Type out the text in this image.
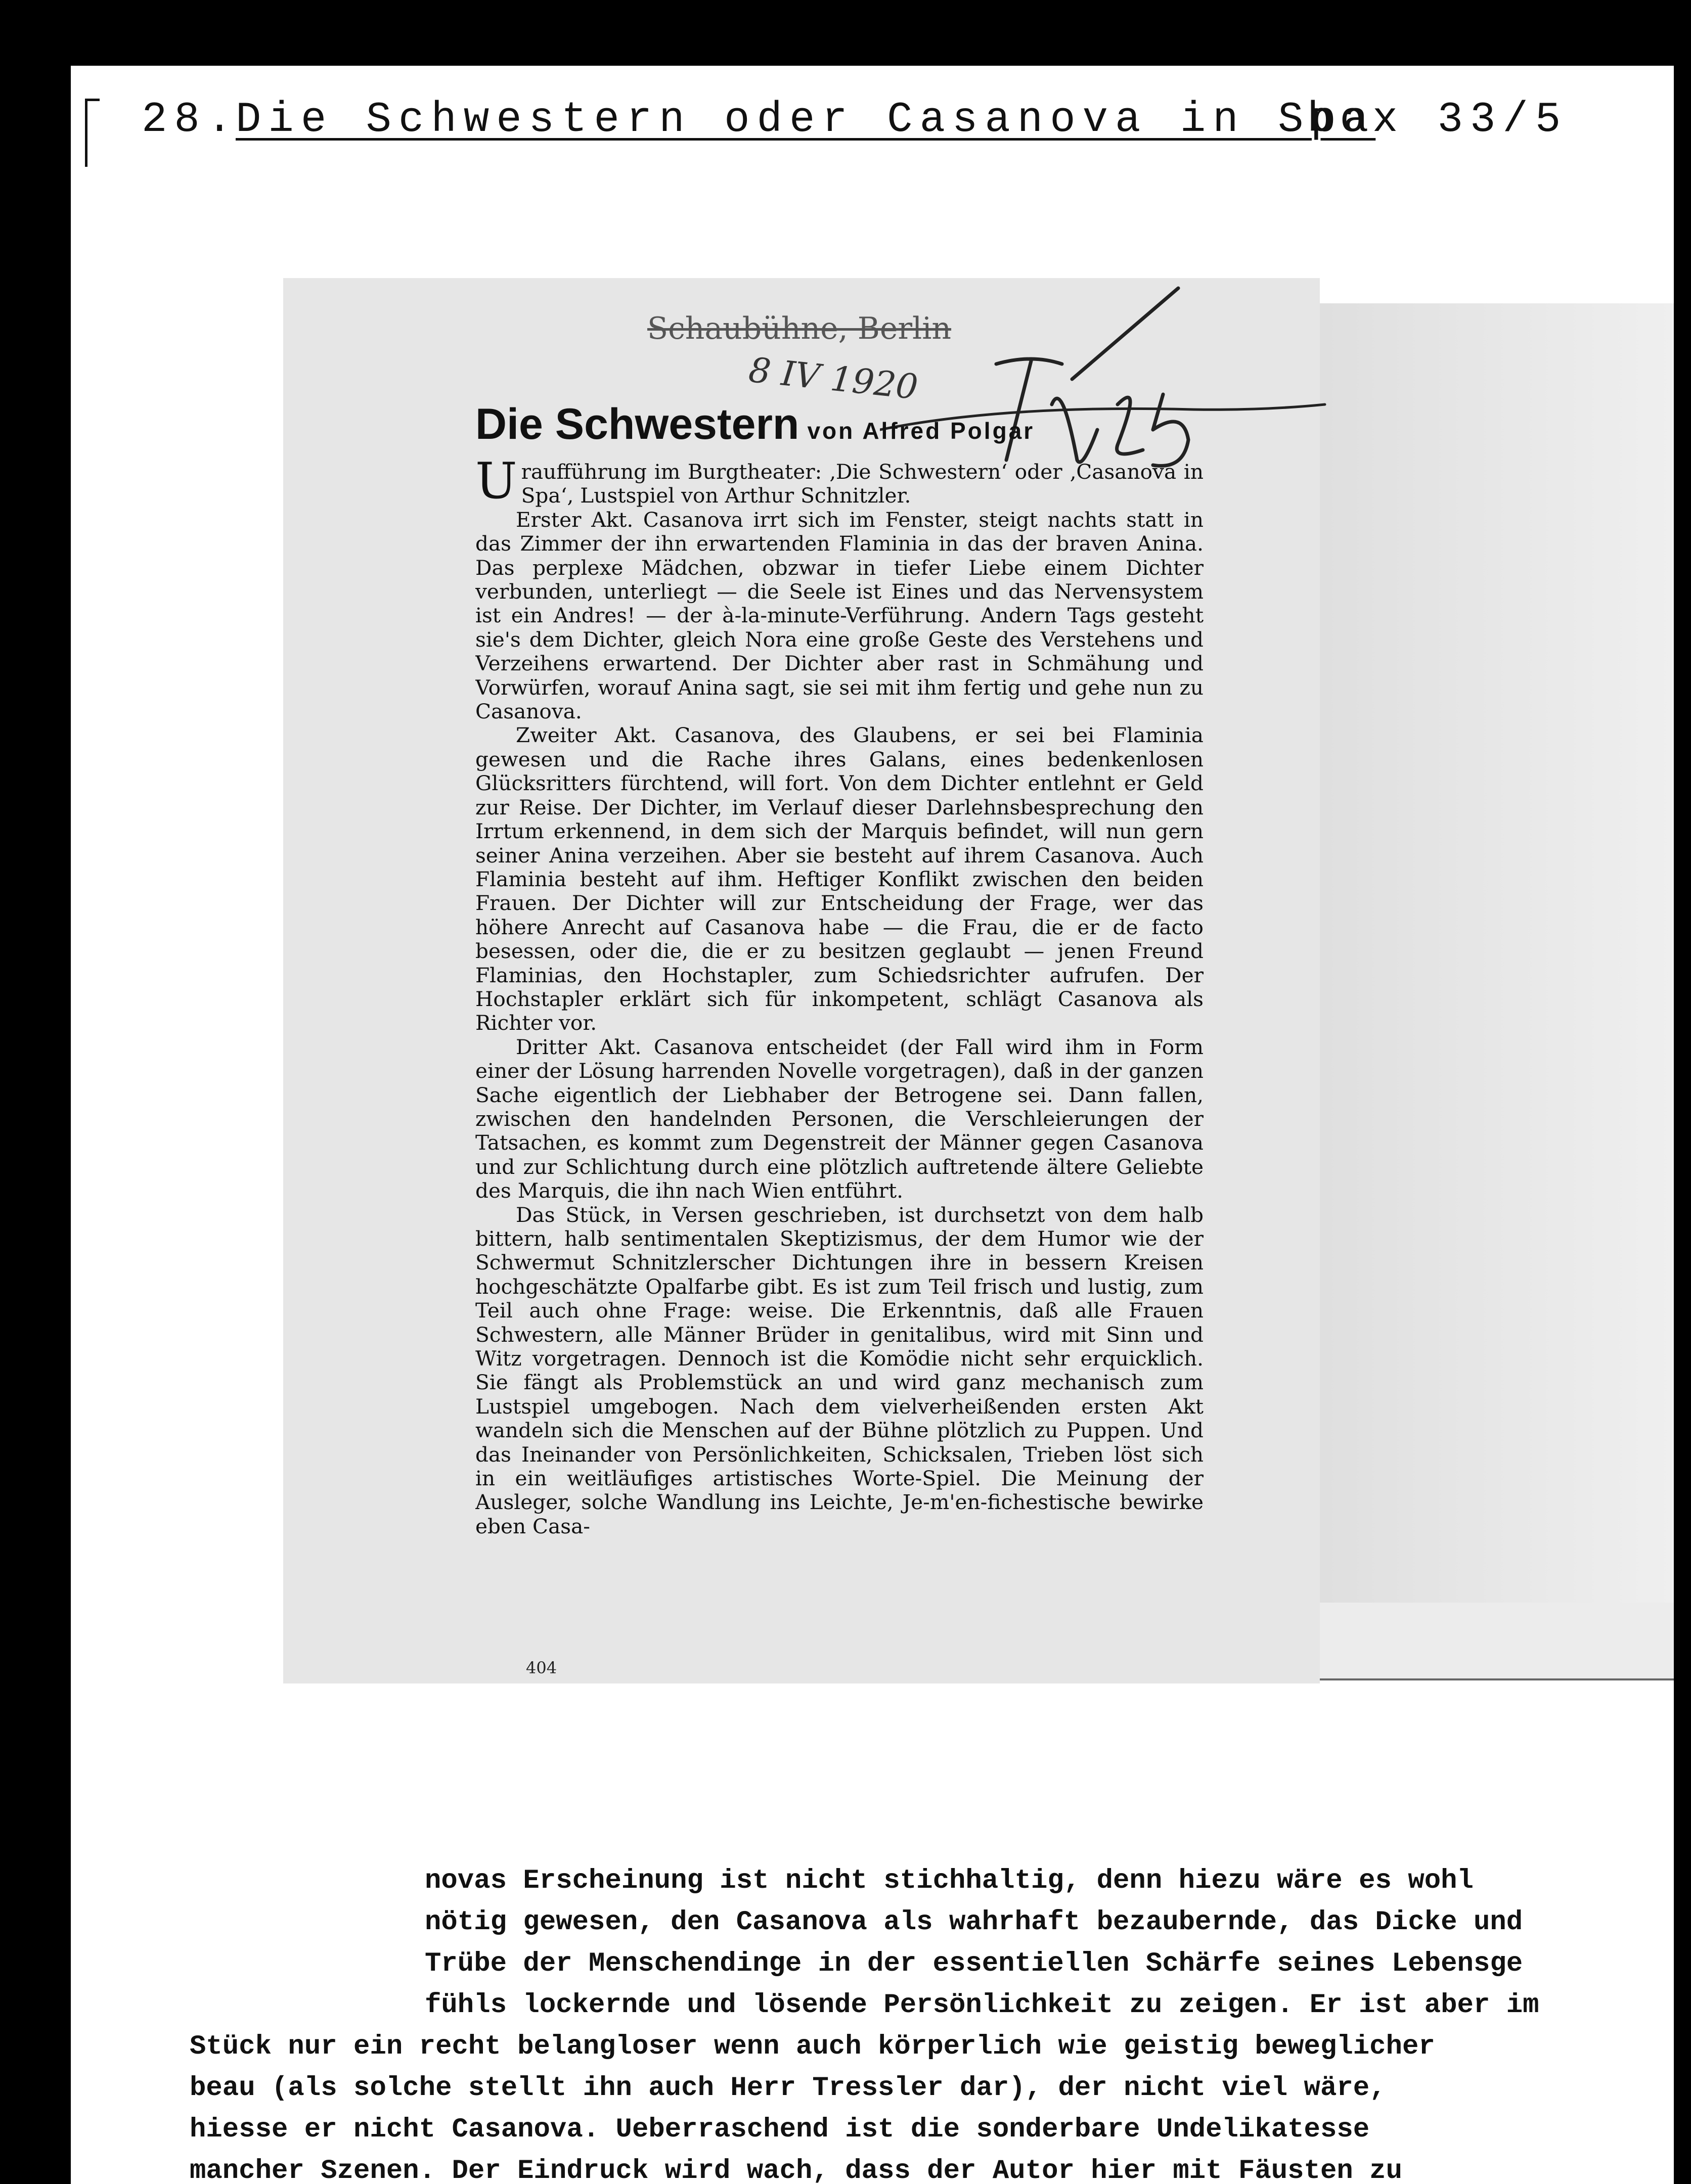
28.
Die Schwestern oder Casanova in Spa
box 33/5
Schaubühne, Berlin
8 IV 1920
Die Schwestern von Alfred Polgar

Uraufführung im Burgtheater: ‚Die Schwestern‘ oder ‚Casanova in Spa‘, Lustspiel von Arthur Schnitzler.

Erster Akt. Casanova irrt sich im Fenster, steigt nachts statt in das Zimmer der ihn erwartenden Flaminia in das der braven Anina. Das perplexe Mädchen, obzwar in tiefer Liebe einem Dichter verbunden, unterliegt — die Seele ist Eines und das Nervensystem ist ein Andres! — der à-la-minute-Verführung. Andern Tags gesteht sie's dem Dichter, gleich Nora eine große Geste des Verstehens und Verzeihens erwartend. Der Dichter aber rast in Schmähung und Vorwürfen, worauf Anina sagt, sie sei mit ihm fertig und gehe nun zu Casanova.

Zweiter Akt. Casanova, des Glaubens, er sei bei Flaminia gewesen und die Rache ihres Galans, eines bedenkenlosen Glücksritters fürchtend, will fort. Von dem Dichter entlehnt er Geld zur Reise. Der Dichter, im Verlauf dieser Darlehnsbesprechung den Irrtum erkennend, in dem sich der Marquis befindet, will nun gern seiner Anina verzeihen. Aber sie besteht auf ihrem Casanova. Auch Flaminia besteht auf ihm. Heftiger Konflikt zwischen den beiden Frauen. Der Dichter will zur Entscheidung der Frage, wer das höhere Anrecht auf Casanova habe — die Frau, die er de facto besessen, oder die, die er zu besitzen geglaubt — jenen Freund Flaminias, den Hochstapler, zum Schiedsrichter aufrufen. Der Hochstapler erklärt sich für inkompetent, schlägt Casanova als Richter vor.

Dritter Akt. Casanova entscheidet (der Fall wird ihm in Form einer der Lösung harrenden Novelle vorgetragen), daß in der ganzen Sache eigentlich der Liebhaber der Betrogene sei. Dann fallen, zwischen den handelnden Personen, die Verschleierungen der Tatsachen, es kommt zum Degenstreit der Männer gegen Casanova und zur Schlichtung durch eine plötzlich auftretende ältere Geliebte des Marquis, die ihn nach Wien entführt.

Das Stück, in Versen geschrieben, ist durchsetzt von dem halb bittern, halb sentimentalen Skeptizismus, der dem Humor wie der Schwermut Schnitzlerscher Dichtungen ihre in bessern Kreisen hochgeschätzte Opalfarbe gibt. Es ist zum Teil frisch und lustig, zum Teil auch ohne Frage: weise. Die Erkenntnis, daß alle Frauen Schwestern, alle Männer Brüder in genitalibus, wird mit Sinn und Witz vorgetragen. Dennoch ist die Komödie nicht sehr erquicklich. Sie fängt als Problemstück an und wird ganz mechanisch zum Lustspiel umgebogen. Nach dem vielverheißenden ersten Akt wandeln sich die Menschen auf der Bühne plötzlich zu Puppen. Und das Ineinander von Persönlichkeiten, Schicksalen, Trieben löst sich in ein weitläufiges artistisches Worte-Spiel. Die Meinung der Ausleger, solche Wandlung ins Leichte, Je-m'en-fichestische bewirke eben Casa-

404
novas Erscheinung ist nicht stichhaltig, denn hiezu wäre es wohl
nötig gewesen, den Casanova als wahrhaft bezaubernde, das Dicke und
Trübe der Menschendinge in der essentiellen Schärfe seines Lebensge
fühls lockernde und lösende Persönlichkeit zu zeigen. Er ist aber im
Stück nur ein recht belangloser wenn auch körperlich wie geistig beweglicher
beau (als solche stellt ihn auch Herr Tressler dar), der nicht viel wäre,
hiesse er nicht Casanova. Ueberraschend ist die sonderbare Undelikatesse
mancher Szenen. Der Eindruck wird wach, dass der Autor hier mit Fäusten zu
